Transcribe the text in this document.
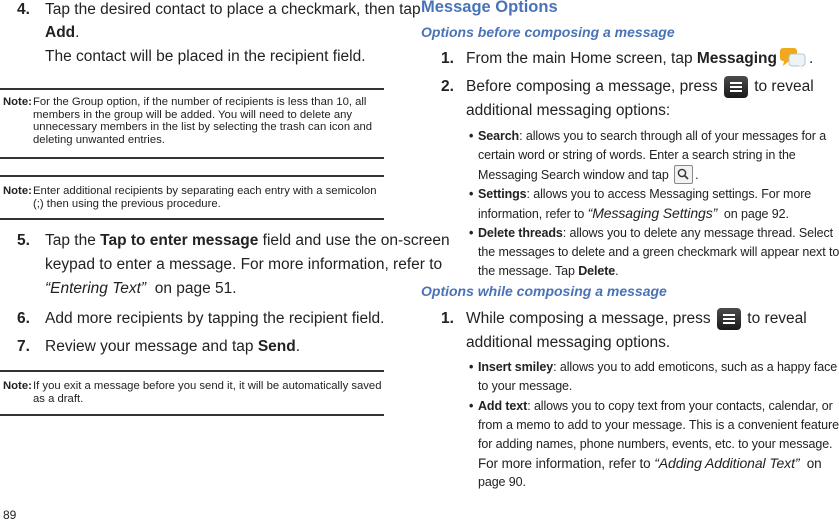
4. Tap the desired contact to place a checkmark, then tap
Add.
The contact will be placed in the recipient field.
Note: For the Group option, if the number of recipients is less than 10, all
members in the group will be added. You will need to delete any
unnecessary members in the list by selecting the trash can icon and
deleting unwanted entries.
Note: Enter additional recipients by separating each entry with a semicolon
(;) then using the previous procedure.
5. Tap the Tap to enter message field and use the on-screen
keypad to enter a message. For more information, refer to
“Entering Text” on page 51.
6. Add more recipients by tapping the recipient field.
7. Review your message and tap Send.
Note: If you exit a message before you send it, it will be automatically saved
as a draft.
89
Message Options
Options before composing a message
1. From the main Home screen, tap Messaging .
2. Before composing a message, press to reveal
additional messaging options:
• Search: allows you to search through all of your messages for a
certain word or string of words. Enter a search string in the
Messaging Search window and tap .
• Settings: allows you to access Messaging settings. For more
information, refer to “Messaging Settings” on page 92.
• Delete threads: allows you to delete any message thread. Select
the messages to delete and a green checkmark will appear next to
the message. Tap Delete.
Options while composing a message
1. While composing a message, press to reveal
additional messaging options.
• Insert smiley: allows you to add emoticons, such as a happy face
to your message.
• Add text: allows you to copy text from your contacts, calendar, or
from a memo to add to your message. This is a convenient feature
for adding names, phone numbers, events, etc. to your message.
For more information, refer to “Adding Additional Text” on
page 90.
